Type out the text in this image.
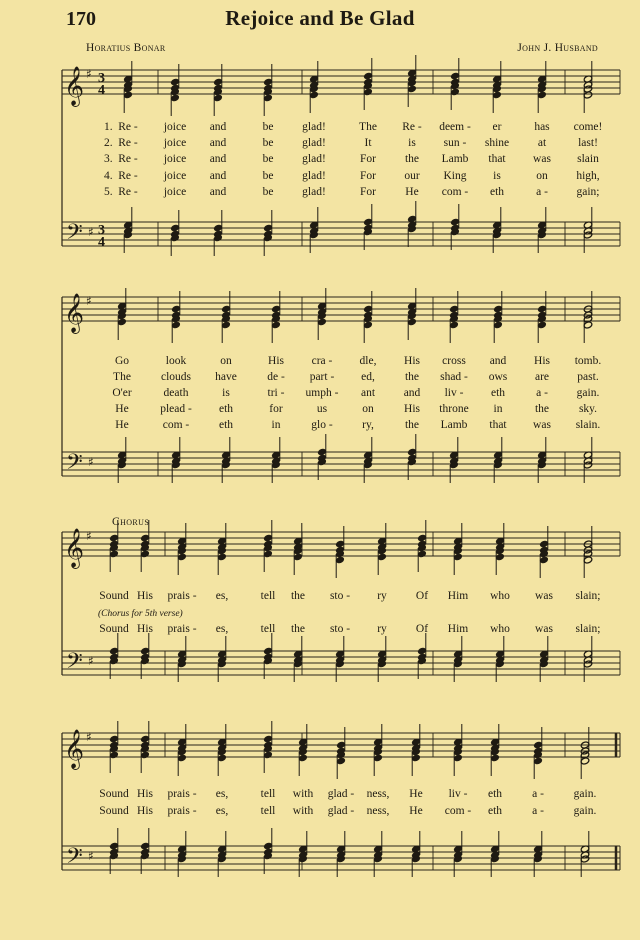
170	Rejoice and Be Glad
Horatius Bonar	John J. Husband
Chorus
(Chorus for 5th verse)
𝄞 ♯
𝄢 ♯
3
4
3
4
𝄞 ♯
𝄢 ♯
𝄞 ♯
𝄢 ♯
𝄞 ♯
𝄢 ♯
1. Re - joice and	be	glad!	The Re - deem - er	has come!
2. Re - joice and	be	glad!	It	is sun - shine at	last!
3. Re - joice and	be	glad!	For	the Lamb that was slain
4. Re - joice and	be	glad!	For our King is	on high,
5. Re - joice and	be	glad!	For	He com - eth	a - gain;
Go	look	on	His cra - dle, His cross and His tomb.
The	clouds have	de - part - ed,	the shad - ows are past.
O'er	death	is	tri - umph - ant and liv - eth	a -	gain.
He	plead - eth	for	us	on	His throne in	the	sky.
He	com -	eth	in	glo -	ry,	the Lamb that was slain.
Sound His prais - es,	tell the sto - ry	Of Him who was slain;
Sound His prais - es,	tell the sto - ry	Of Him who was slain;
Sound His prais - es,	tell with glad - ness, He liv - eth	a -	gain.
Sound His prais - es,	tell with glad - ness, He com - eth	a -	gain.
